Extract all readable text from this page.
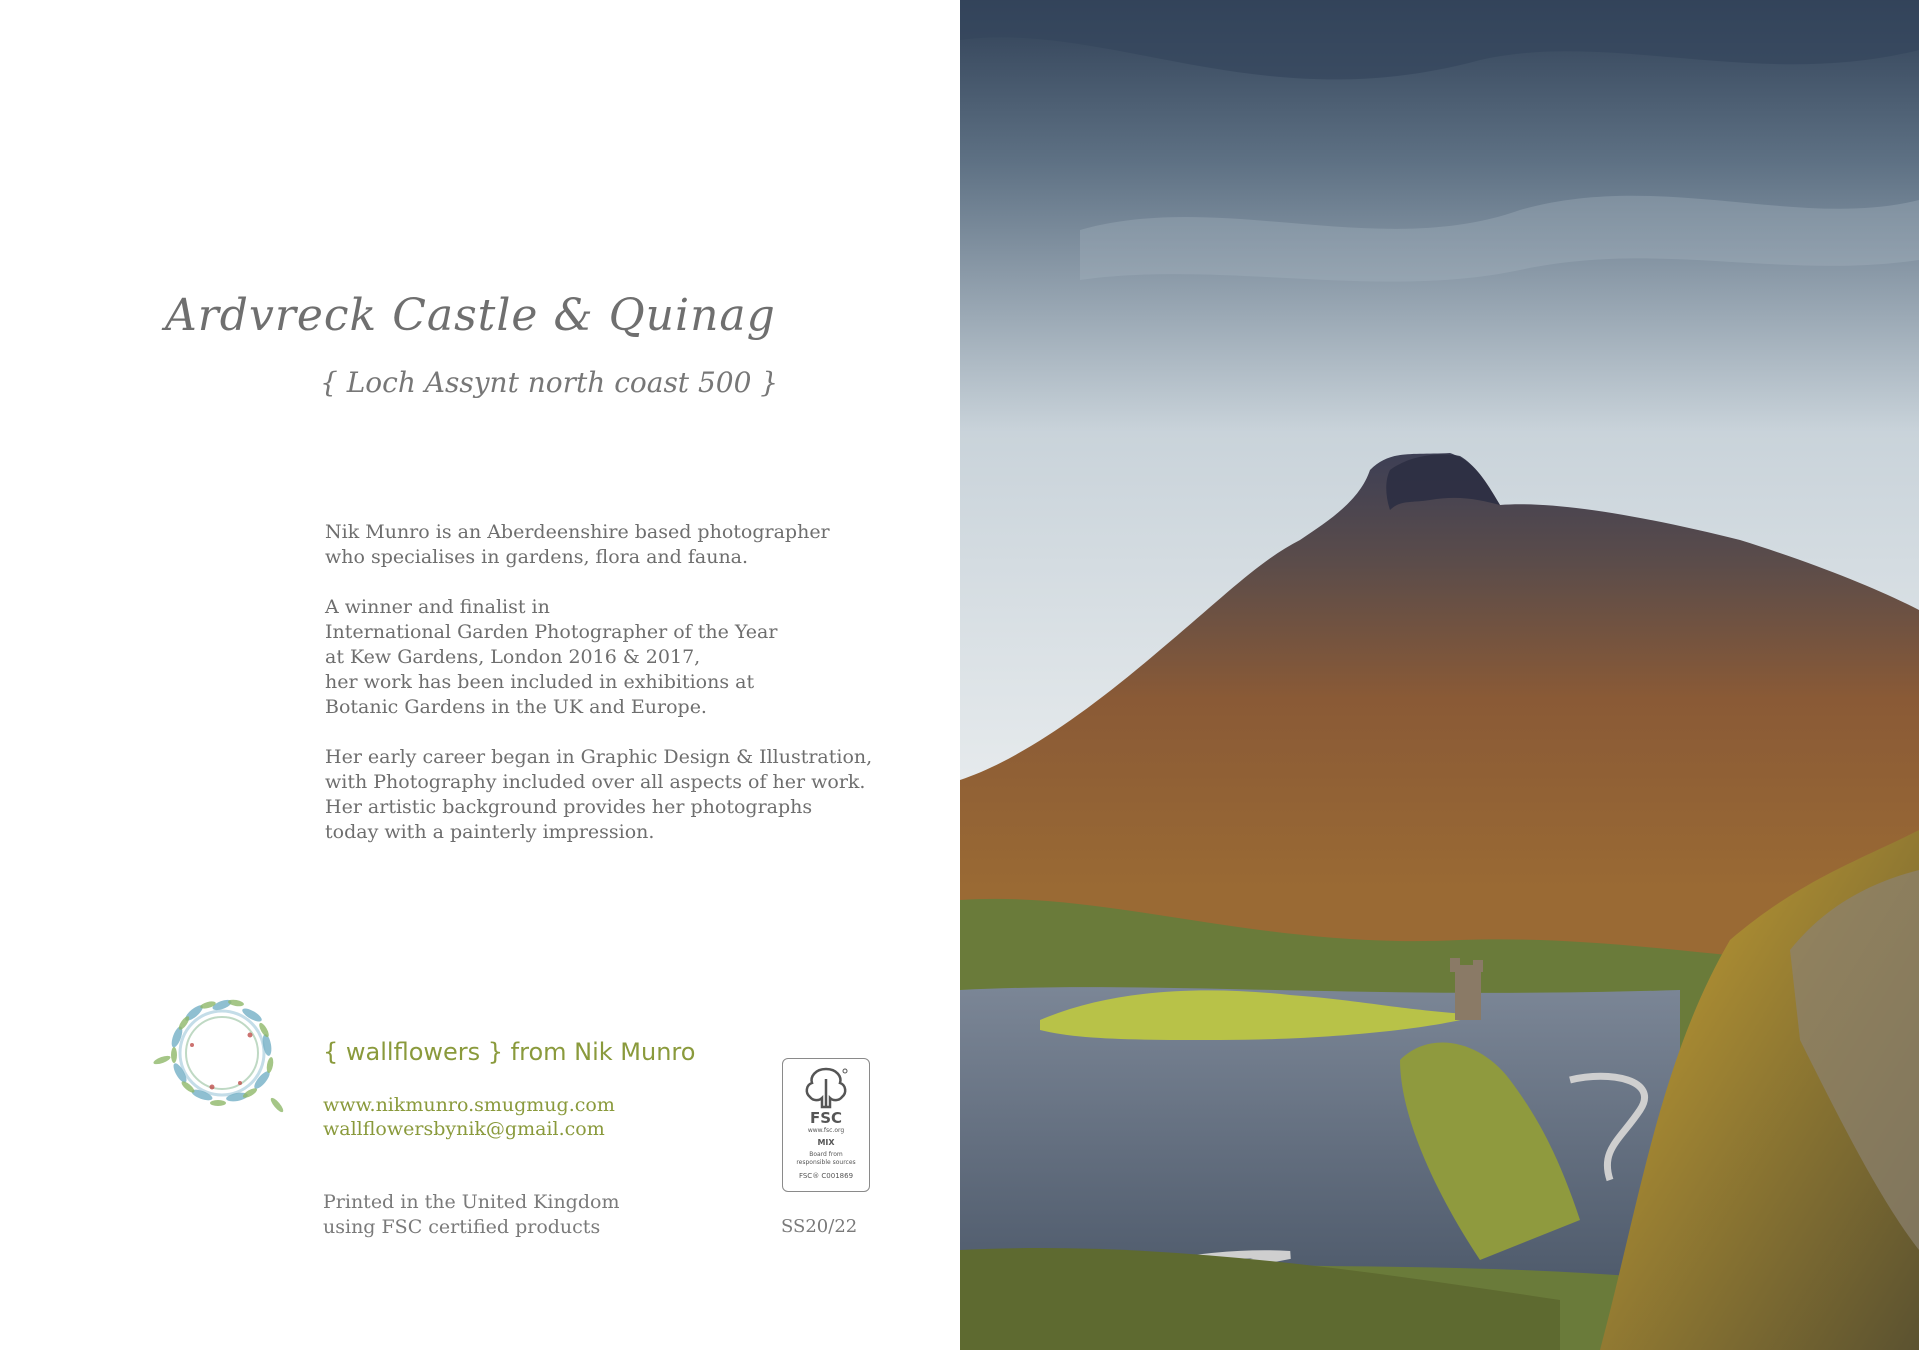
Ardvreck Castle & Quinag
{ Loch Assynt north coast 500 }

Nik Munro is an Aberdeenshire based photographer
who specialises in gardens, flora and fauna.

A winner and finalist in
International Garden Photographer of the Year
at Kew Gardens, London 2016 & 2017,
her work has been included in exhibitions at
Botanic Gardens in the UK and Europe.

Her early career began in Graphic Design & Illustration,
with Photography included over all aspects of her work.
Her artistic background provides her photographs
today with a painterly impression.

{ wallflowers } from Nik Munro
www.nikmunro.smugmug.com
wallflowersbynik@gmail.com
Printed in the United Kingdom
using FSC certified products
FSC
www.fsc.org
MIX
Board from
responsible sources
FSC® C001869
SS20/22
